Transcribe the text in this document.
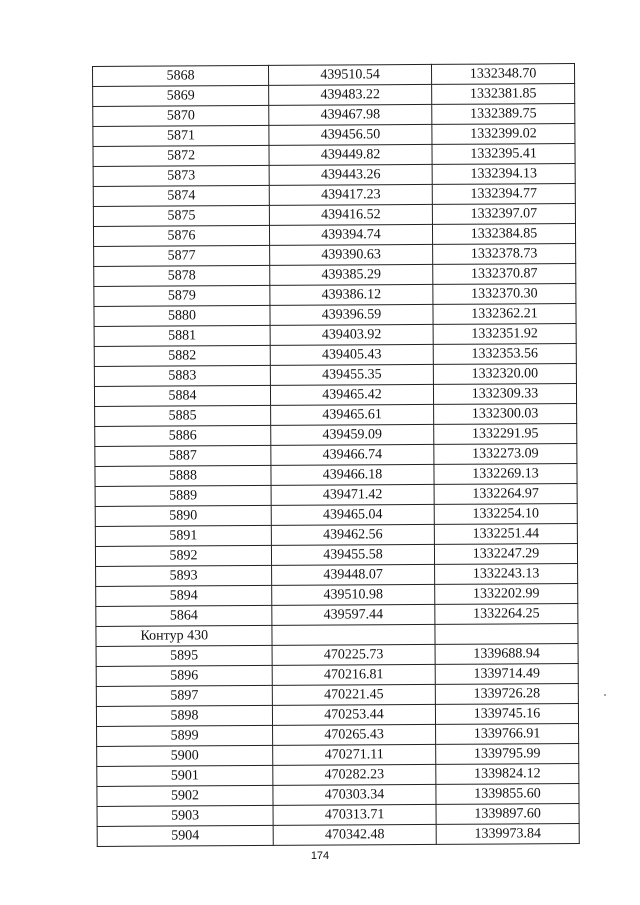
5868	439510.54	1332348.70
5869	439483.22	1332381.85
5870	439467.98	1332389.75
5871	439456.50	1332399.02
5872	439449.82	1332395.41
5873	439443.26	1332394.13
5874	439417.23	1332394.77
5875	439416.52	1332397.07
5876	439394.74	1332384.85
5877	439390.63	1332378.73
5878	439385.29	1332370.87
5879	439386.12	1332370.30
5880	439396.59	1332362.21
5881	439403.92	1332351.92
5882	439405.43	1332353.56
5883	439455.35	1332320.00
5884	439465.42	1332309.33
5885	439465.61	1332300.03
5886	439459.09	1332291.95
5887	439466.74	1332273.09
5888	439466.18	1332269.13
5889	439471.42	1332264.97
5890	439465.04	1332254.10
5891	439462.56	1332251.44
5892	439455.58	1332247.29
5893	439448.07	1332243.13
5894	439510.98	1332202.99
5864	439597.44	1332264.25
Контур 430		
5895	470225.73	1339688.94
5896	470216.81	1339714.49
5897	470221.45	1339726.28
5898	470253.44	1339745.16
5899	470265.43	1339766.91
5900	470271.11	1339795.99
5901	470282.23	1339824.12
5902	470303.34	1339855.60
5903	470313.71	1339897.60
5904	470342.48	1339973.84
174
